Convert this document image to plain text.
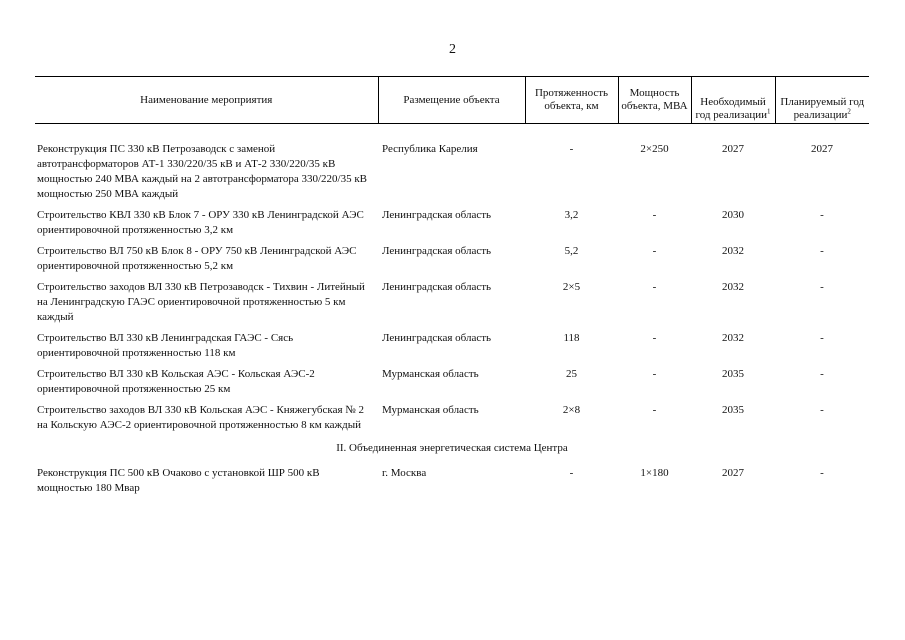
2
Наименование мероприятия	Размещение объекта	Протяженность объекта, км	Мощность объекта, МВА	Необходимый год реализации$^1$	Планируемый год реализации$^2$
Реконструкция ПС 330 кВ Петрозаводск с заменой автотрансформаторов АТ-1 330/220/35 кВ и АТ-2 330/220/35 кВ мощностью 240 МВА каждый на 2 автотрансформатора 330/220/35 кВ мощностью 250 МВА каждый	Республика Карелия	-	2×250	2027	2027
Строительство КВЛ 330 кВ Блок 7 - ОРУ 330 кВ Ленинградской АЭС ориентировочной протяженностью 3,2 км	Ленинградская область	3,2	-	2030	-
Строительство ВЛ 750 кВ Блок 8 - ОРУ 750 кВ Ленинградской АЭС ориентировочной протяженностью 5,2 км	Ленинградская область	5,2	-	2032	-
Строительство заходов ВЛ 330 кВ Петрозаводск - Тихвин - Литейный на Ленинградскую ГАЭС ориентировочной протяженностью 5 км каждый	Ленинградская область	2×5	-	2032	-
Строительство ВЛ 330 кВ Ленинградская ГАЭС - Сясь ориентировочной протяженностью 118 км	Ленинградская область	118	-	2032	-
Строительство ВЛ 330 кВ Кольская АЭС - Кольская АЭС-2 ориентировочной протяженностью 25 км	Мурманская область	25	-	2035	-
Строительство заходов ВЛ 330 кВ Кольская АЭС - Княжегубская № 2 на Кольскую АЭС-2 ориентировочной протяженностью 8 км каждый	Мурманская область	2×8	-	2035	-
II. Объединенная энергетическая система Центра					
Реконструкция ПС 500 кВ Очаково с установкой ШР 500 кВ мощностью 180 Мвар	г. Москва	-	1×180	2027	-
